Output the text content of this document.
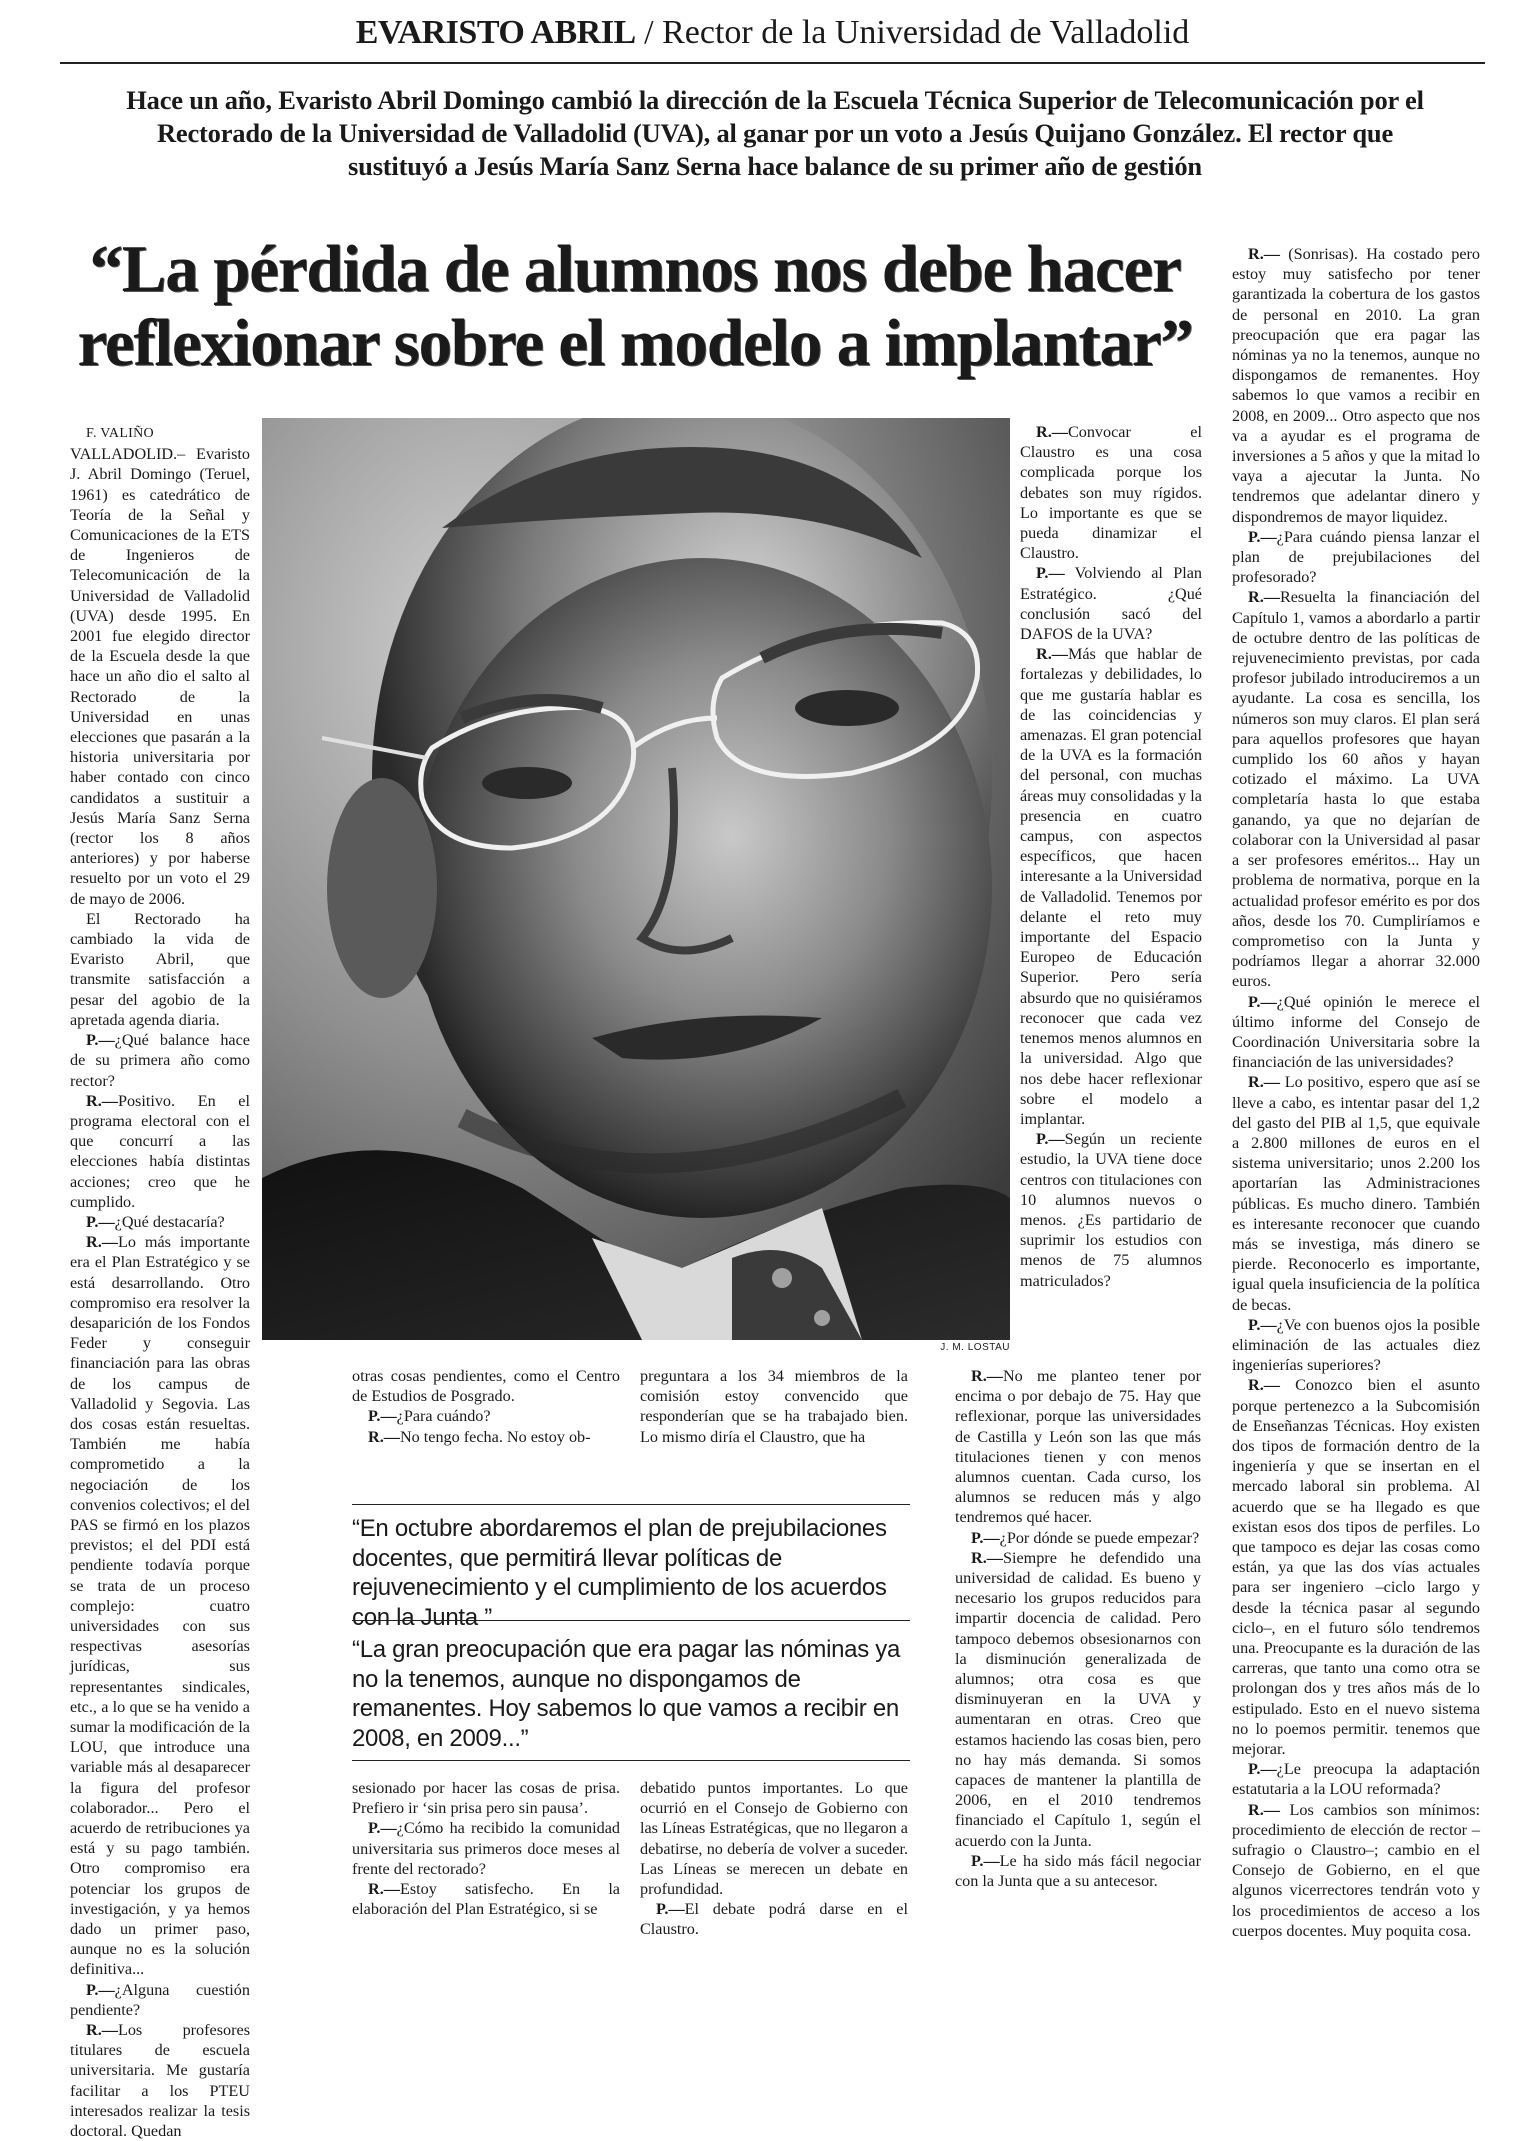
EVARISTO ABRIL / Rector de la Universidad de Valladolid
Hace un año, Evaristo Abril Domingo cambió la dirección de la Escuela Técnica Superior de Telecomunicación por el Rectorado de la Universidad de Valladolid (UVA), al ganar por un voto a Jesús Quijano González. El rector que sustituyó a Jesús María Sanz Serna hace balance de su primer año de gestión
“La pérdida de alumnos nos debe hacer reflexionar sobre el modelo a implantar”

F. VALIÑO

VALLADOLID.– Evaristo J. Abril Domingo (Teruel, 1961) es catedrático de Teoría de la Señal y Comunicaciones de la ETS de Ingenieros de Telecomunicación de la Universidad de Valladolid (UVA) desde 1995. En 2001 fue elegido director de la Escuela desde la que hace un año dio el salto al Rectorado de la Universidad en unas elecciones que pasarán a la historia universitaria por haber contado con cinco candidatos a sustituir a Jesús María Sanz Serna (rector los 8 años anteriores) y por haberse resuelto por un voto el 29 de mayo de 2006.

El Rectorado ha cambiado la vida de Evaristo Abril, que transmite satisfacción a pesar del agobio de la apretada agenda diaria.

P.—¿Qué balance hace de su primera año como rector?

R.—Positivo. En el programa electoral con el que concurrí a las elecciones había distintas acciones; creo que he cumplido.

P.—¿Qué destacaría?

R.—Lo más importante era el Plan Estratégico y se está desarrollando. Otro compromiso era resolver la desaparición de los Fondos Feder y conseguir financiación para las obras de los campus de Valladolid y Segovia. Las dos cosas están resueltas. También me había comprometido a la negociación de los convenios colectivos; el del PAS se firmó en los plazos previstos; el del PDI está pendiente todavía porque se trata de un proceso complejo: cuatro universidades con sus respectivas asesorías jurídicas, sus representantes sindicales, etc., a lo que se ha venido a sumar la modificación de la LOU, que introduce una variable más al desaparecer la figura del profesor colaborador... Pero el acuerdo de retribuciones ya está y su pago también. Otro compromiso era potenciar los grupos de investigación, y ya hemos dado un primer paso, aunque no es la solución definitiva...

P.—¿Alguna cuestión pendiente?

R.—Los profesores titulares de escuela universitaria. Me gustaría facilitar a los PTEU interesados realizar la tesis doctoral. Quedan

J. M. LOSTAU

R.—Convocar el Claustro es una cosa complicada porque los debates son muy rígidos. Lo importante es que se pueda dinamizar el Claustro.

P.— Volviendo al Plan Estratégico. ¿Qué conclusión sacó del DAFOS de la UVA?

R.—Más que hablar de fortalezas y debilidades, lo que me gustaría hablar es de las coincidencias y amenazas. El gran potencial de la UVA es la formación del personal, con muchas áreas muy consolidadas y la presencia en cuatro campus, con aspectos específicos, que hacen interesante a la Universidad de Valladolid. Tenemos por delante el reto muy importante del Espacio Europeo de Educación Superior. Pero sería absurdo que no quisiéramos reconocer que cada vez tenemos menos alumnos en la universidad. Algo que nos debe hacer reflexionar sobre el modelo a implantar.

P.—Según un reciente estudio, la UVA tiene doce centros con titulaciones con 10 alumnos nuevos o menos. ¿Es partidario de suprimir los estudios con menos de 75 alumnos matriculados?

otras cosas pendientes, como el Centro de Estudios de Posgrado.

P.—¿Para cuándo?

R.—No tengo fecha. No estoy ob-

preguntara a los 34 miembros de la comisión estoy convencido que responderían que se ha trabajado bien. Lo mismo diría el Claustro, que ha

“En octubre abordaremos el plan de prejubilaciones docentes, que permitirá llevar políticas de rejuvenecimiento y el cumplimiento de los acuerdos con la Junta ”
“La gran preocupación que era pagar las nóminas ya no la tenemos, aunque no dispongamos de remanentes. Hoy sabemos lo que vamos a recibir en 2008, en 2009...”

sesionado por hacer las cosas de prisa. Prefiero ir ‘sin prisa pero sin pausa’.

P.—¿Cómo ha recibido la comunidad universitaria sus primeros doce meses al frente del rectorado?

R.—Estoy satisfecho. En la elaboración del Plan Estratégico, si se

debatido puntos importantes. Lo que ocurrió en el Consejo de Gobierno con las Líneas Estratégicas, que no llegaron a debatirse, no debería de volver a suceder. Las Líneas se merecen un debate en profundidad.

P.—El debate podrá darse en el Claustro.

R.—No me planteo tener por encima o por debajo de 75. Hay que reflexionar, porque las universidades de Castilla y León son las que más titulaciones tienen y con menos alumnos cuentan. Cada curso, los alumnos se reducen más y algo tendremos qué hacer.

P.—¿Por dónde se puede empezar?

R.—Siempre he defendido una universidad de calidad. Es bueno y necesario los grupos reducidos para impartir docencia de calidad. Pero tampoco debemos obsesionarnos con la disminución generalizada de alumnos; otra cosa es que disminuyeran en la UVA y aumentaran en otras. Creo que estamos haciendo las cosas bien, pero no hay más demanda. Si somos capaces de mantener la plantilla de 2006, en el 2010 tendremos financiado el Capítulo 1, según el acuerdo con la Junta.

P.—Le ha sido más fácil negociar con la Junta que a su antecesor.

R.— (Sonrisas). Ha costado pero estoy muy satisfecho por tener garantizada la cobertura de los gastos de personal en 2010. La gran preocupación que era pagar las nóminas ya no la tenemos, aunque no dispongamos de remanentes. Hoy sabemos lo que vamos a recibir en 2008, en 2009... Otro aspecto que nos va a ayudar es el programa de inversiones a 5 años y que la mitad lo vaya a ajecutar la Junta. No tendremos que adelantar dinero y dispondremos de mayor liquidez.

P.—¿Para cuándo piensa lanzar el plan de prejubilaciones del profesorado?

R.—Resuelta la financiación del Capítulo 1, vamos a abordarlo a partir de octubre dentro de las políticas de rejuvenecimiento previstas, por cada profesor jubilado introduciremos a un ayudante. La cosa es sencilla, los números son muy claros. El plan será para aquellos profesores que hayan cumplido los 60 años y hayan cotizado el máximo. La UVA completaría hasta lo que estaba ganando, ya que no dejarían de colaborar con la Universidad al pasar a ser profesores eméritos... Hay un problema de normativa, porque en la actualidad profesor emérito es por dos años, desde los 70. Cumpliríamos e comprometiso con la Junta y podríamos llegar a ahorrar 32.000 euros.

P.—¿Qué opinión le merece el último informe del Consejo de Coordinación Universitaria sobre la financiación de las universidades?

R.— Lo positivo, espero que así se lleve a cabo, es intentar pasar del 1,2 del gasto del PIB al 1,5, que equivale a 2.800 millones de euros en el sistema universitario; unos 2.200 los aportarían las Administraciones públicas. Es mucho dinero. También es interesante reconocer que cuando más se investiga, más dinero se pierde. Reconocerlo es importante, igual quela insuficiencia de la política de becas.

P.—¿Ve con buenos ojos la posible eliminación de las actuales diez ingenierías superiores?

R.— Conozco bien el asunto porque pertenezco a la Subcomisión de Enseñanzas Técnicas. Hoy existen dos tipos de formación dentro de la ingeniería y que se insertan en el mercado laboral sin problema. Al acuerdo que se ha llegado es que existan esos dos tipos de perfiles. Lo que tampoco es dejar las cosas como están, ya que las dos vías actuales para ser ingeniero –ciclo largo y desde la técnica pasar al segundo ciclo–, en el futuro sólo tendremos una. Preocupante es la duración de las carreras, que tanto una como otra se prolongan dos y tres años más de lo estipulado. Esto en el nuevo sistema no lo poemos permitir. tenemos que mejorar.

P.—¿Le preocupa la adaptación estatutaria a la LOU reformada?

R.— Los cambios son mínimos: procedimiento de elección de rector –sufragio o Claustro–; cambio en el Consejo de Gobierno, en el que algunos vicerrectores tendrán voto y los procedimientos de acceso a los cuerpos docentes. Muy poquita cosa.
